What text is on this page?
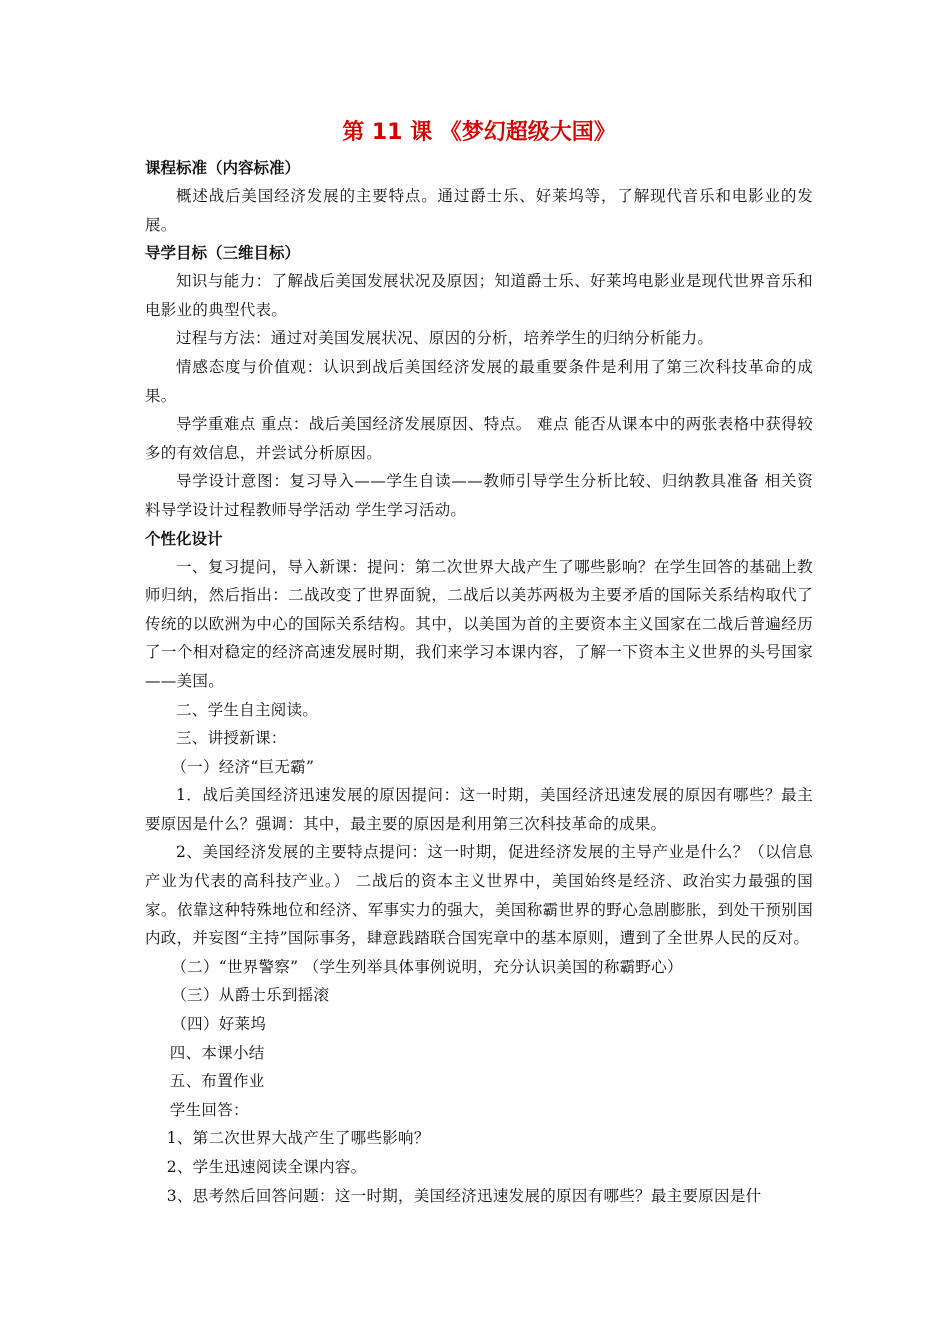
第 11 课 《梦幻超级大国》
课程标准（内容标准）

概述战后美国经济发展的主要特点。通过爵士乐、好莱坞等，了解现代音乐和电影业的发展。

导学目标（三维目标）

知识与能力：了解战后美国发展状况及原因；知道爵士乐、好莱坞电影业是现代世界音乐和电影业的典型代表。

过程与方法：通过对美国发展状况、原因的分析，培养学生的归纳分析能力。

情感态度与价值观：认识到战后美国经济发展的最重要条件是利用了第三次科技革命的成果。

导学重难点 重点：战后美国经济发展原因、特点。 难点 能否从课本中的两张表格中获得较多的有效信息，并尝试分析原因。

导学设计意图：复习导入——学生自读——教师引导学生分析比较、归纳教具准备 相关资料导学设计过程教师导学活动 学生学习活动。

个性化设计

一、复习提问，导入新课：提问：第二次世界大战产生了哪些影响？在学生回答的基础上教师归纳，然后指出：二战改变了世界面貌，二战后以美苏两极为主要矛盾的国际关系结构取代了传统的以欧洲为中心的国际关系结构。其中，以美国为首的主要资本主义国家在二战后普遍经历了一个相对稳定的经济高速发展时期，我们来学习本课内容，了解一下资本主义世界的头号国家——美国。

二、学生自主阅读。

三、讲授新课：

（一）经济“巨无霸”

1．战后美国经济迅速发展的原因提问：这一时期，美国经济迅速发展的原因有哪些？最主要原因是什么？强调：其中，最主要的原因是利用第三次科技革命的成果。

2、美国经济发展的主要特点提问：这一时期，促进经济发展的主导产业是什么？（以信息产业为代表的高科技产业。） 二战后的资本主义世界中，美国始终是经济、政治实力最强的国家。依靠这种特殊地位和经济、军事实力的强大，美国称霸世界的野心急剧膨胀，到处干预别国内政，并妄图“主持”国际事务，肆意践踏联合国宪章中的基本原则，遭到了全世界人民的反对。

（二）“世界警察” （学生列举具体事例说明，充分认识美国的称霸野心）

（三）从爵士乐到摇滚

（四）好莱坞

四、本课小结

五、布置作业

学生回答：

1、第二次世界大战产生了哪些影响？

2、学生迅速阅读全课内容。

3、思考然后回答问题：这一时期，美国经济迅速发展的原因有哪些？最主要原因是什
